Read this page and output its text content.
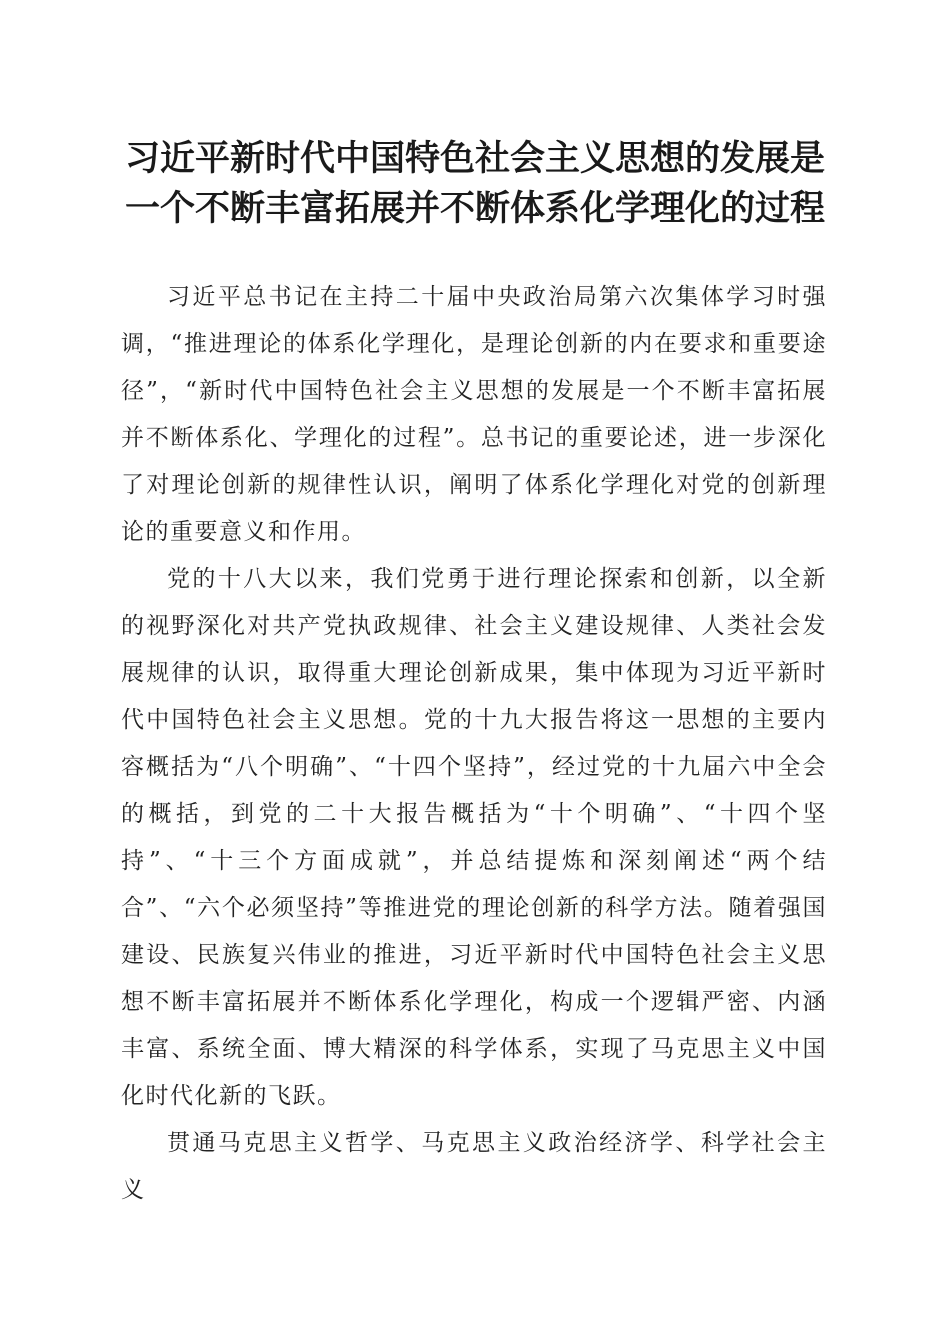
习近平新时代中国特色社会主义思想的发展是
一个不断丰富拓展并不断体系化学理化的过程

习近平总书记在主持二十届中央政治局第六次集体学习时强调，“推进理论的体系化学理化，是理论创新的内在要求和重要途径”，“新时代中国特色社会主义思想的发展是一个不断丰富拓展并不断体系化、学理化的过程”。总书记的重要论述，进一步深化了对理论创新的规律性认识，阐明了体系化学理化对党的创新理论的重要意义和作用。

党的十八大以来，我们党勇于进行理论探索和创新，以全新的视野深化对共产党执政规律、社会主义建设规律、人类社会发展规律的认识，取得重大理论创新成果，集中体现为习近平新时代中国特色社会主义思想。党的十九大报告将这一思想的主要内容概括为“八个明确”、“十四个坚持”，经过党的十九届六中全会的概括，到党的二十大报告概括为“十个明确”、“十四个坚持”、“十三个方面成就”，并总结提炼和深刻阐述“两个结合”、“六个必须坚持”等推进党的理论创新的科学方法。随着强国建设、民族复兴伟业的推进，习近平新时代中国特色社会主义思想不断丰富拓展并不断体系化学理化，构成一个逻辑严密、内涵丰富、系统全面、博大精深的科学体系，实现了马克思主义中国化时代化新的飞跃。

贯通马克思主义哲学、马克思主义政治经济学、科学社会主义
